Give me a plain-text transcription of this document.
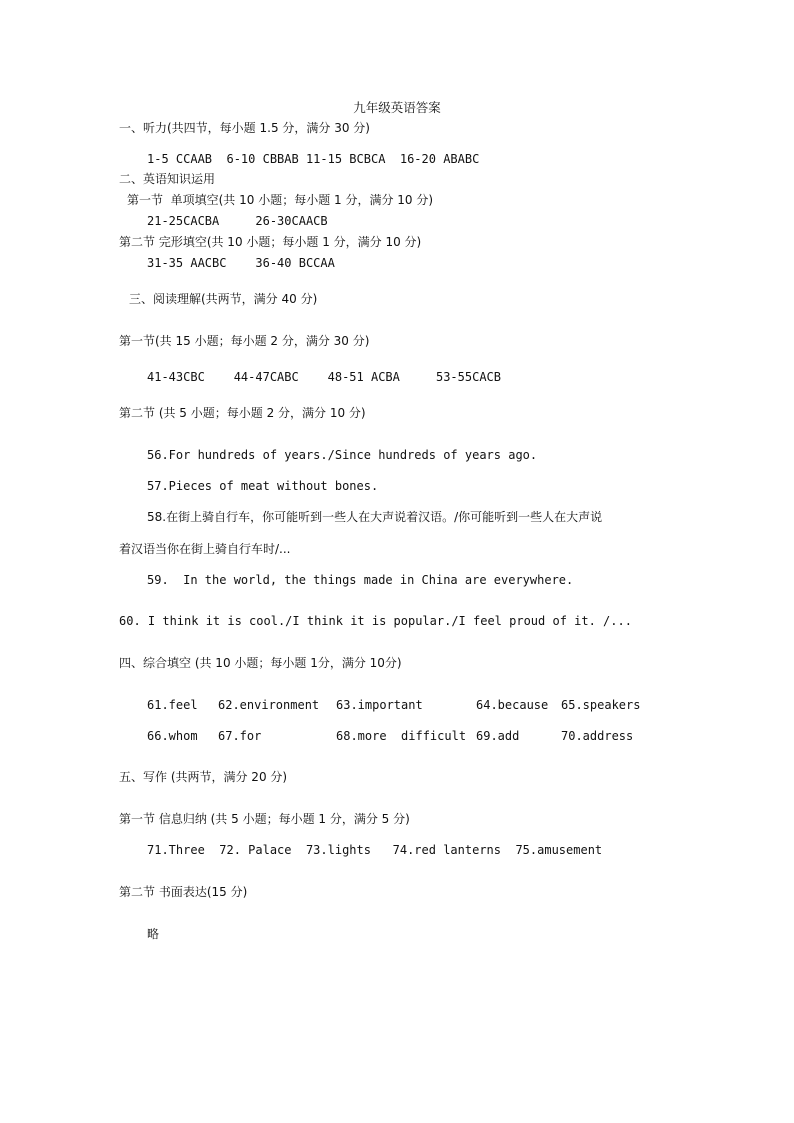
九年级英语答案
一、听力(共四节，每小题 1.5 分，满分 30 分)
1-5 CCAAB  6-10 CBBAB 11-15 BCBCA  16-20 ABABC
二、英语知识运用
第一节  单项填空(共 10 小题；每小题 1 分，满分 10 分)
21-25CACBA     26-30CAACB
第二节 完形填空(共 10 小题；每小题 1 分，满分 10 分)
31-35 AACBC    36-40 BCCAA
三、阅读理解(共两节，满分 40 分)
第一节(共 15 小题；每小题 2 分，满分 30 分)
41-43CBC    44-47CABC    48-51 ACBA     53-55CACB
第二节 (共 5 小题；每小题 2 分，满分 10 分)
56.For hundreds of years./Since hundreds of years ago.
57.Pieces of meat without bones.
58.在街上骑自行车，你可能听到一些人在大声说着汉语。/你可能听到一些人在大声说
着汉语当你在街上骑自行车时/...
59.  In the world, the things made in China are everywhere.
60. I think it is cool./I think it is popular./I feel proud of it. /...
四、综合填空 (共 10 小题；每小题 1分，满分 10分)
61.feel 62.environment 63.important	64.because 65.speakers
66.whom 67.for	68.more  difficult 69.add	70.address
五、写作 (共两节，满分 20 分)
第一节 信息归纳 (共 5 小题；每小题 1 分，满分 5 分)
71.Three  72. Palace  73.lights   74.red lanterns  75.amusement
第二节 书面表达(15 分)
略
